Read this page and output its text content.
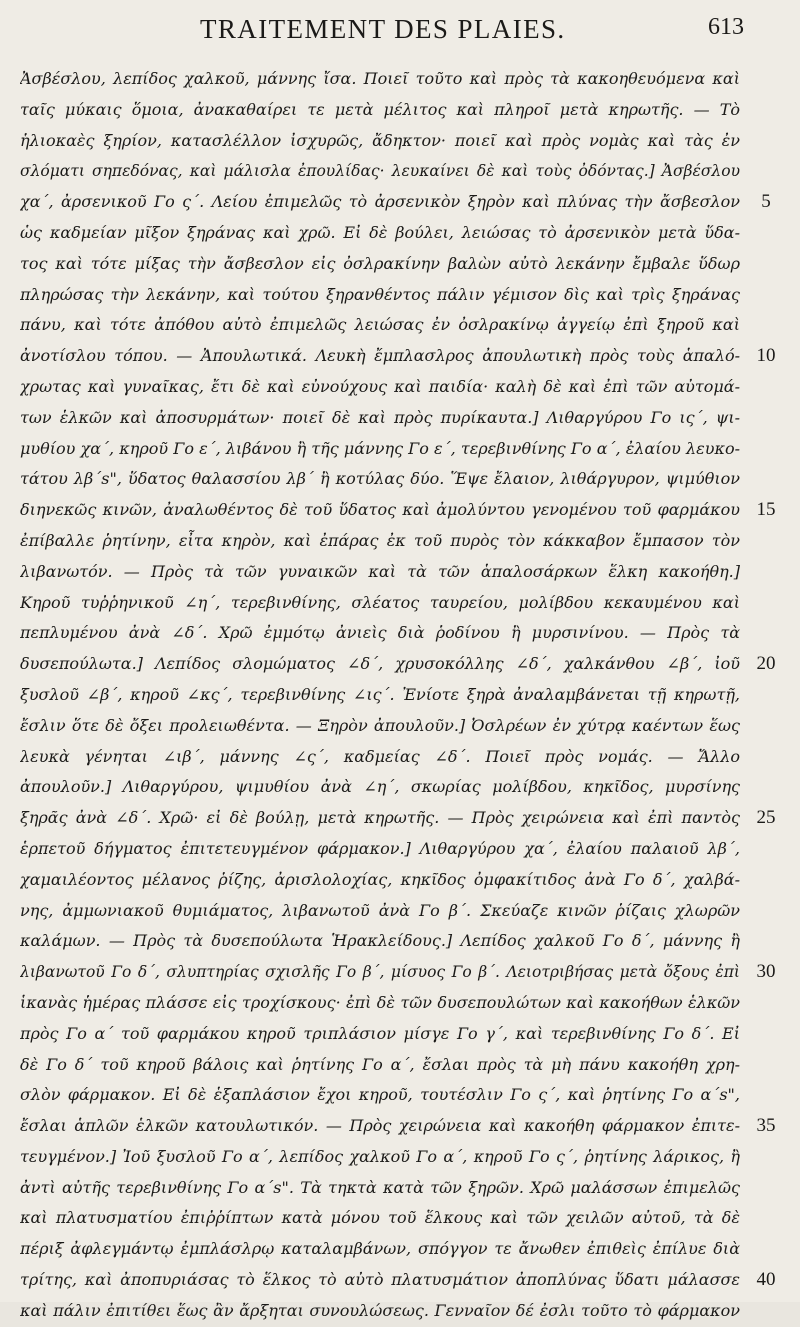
TRAITEMENT DES PLAIES.	613
Ἀσβέσλου, λεπίδος χαλκοῦ, μάννης ἴσα. Ποιεῖ τοῦτο καὶ πρὸς τὰ κακοηθευόμενα καὶ
ταῖς μύκαις ὅμοια, ἀνακαθαίρει τε μετὰ μέλιτος καὶ πληροῖ μετὰ κηρωτῆς. — Τὸ
ἡλιοκαὲς ξηρίον, κατασλέλλον ἰσχυρῶς, ἄδηκτον· ποιεῖ καὶ πρὸς νομὰς καὶ τὰς ἐν
σλόματι σηπεδόνας, καὶ μάλισλα ἐπουλίδας· λευκαίνει δὲ καὶ τοὺς ὀδόντας.] Ἀσβέσλου
χα΄, ἀρσενικοῦ Γο ς΄. Λείου ἐπιμελῶς τὸ ἀρσενικὸν ξηρὸν καὶ πλύνας τὴν ἄσβεσλον
ὡς καδμείαν μῖξον ξηράνας καὶ χρῶ. Εἰ δὲ βούλει, λειώσας τὸ ἀρσενικὸν μετὰ ὕδα-
τος καὶ τότε μίξας τὴν ἄσβεσλον εἰς ὀσλρακίνην βαλὼν αὐτὸ λεκάνην ἔμβαλε ὕδωρ
πληρώσας τὴν λεκάνην, καὶ τούτου ξηρανθέντος πάλιν γέμισον δὶς καὶ τρὶς ξηράνας
πάνυ, καὶ τότε ἀπόθου αὐτὸ ἐπιμελῶς λειώσας ἐν ὀσλρακίνῳ ἀγγείῳ ἐπὶ ξηροῦ καὶ
ἀνοτίσλου τόπου. — Ἀπουλωτικά. Λευκὴ ἔμπλασλρος ἀπουλωτικὴ πρὸς τοὺς ἁπαλό-
χρωτας καὶ γυναῖκας, ἔτι δὲ καὶ εὐνούχους καὶ παιδία· καλὴ δὲ καὶ ἐπὶ τῶν αὐτομά-
των ἑλκῶν καὶ ἀποσυρμάτων· ποιεῖ δὲ καὶ πρὸς πυρίκαυτα.] Λιθαργύρου Γο ις΄, ψι-
μυθίου χα΄, κηροῦ Γο ε΄, λιβάνου ἢ τῆς μάννης Γο ε΄, τερεβινθίνης Γο α΄, ἐλαίου λευκο-
τάτου λβ΄s", ὕδατος θαλασσίου λβ΄ ἢ κοτύλας δύο. Ἕψε ἔλαιον, λιθάργυρον, ψιμύθιον
διηνεκῶς κινῶν, ἀναλωθέντος δὲ τοῦ ὕδατος καὶ ἀμολύντου γενομένου τοῦ φαρμάκου
ἐπίβαλλε ῥητίνην, εἶτα κηρὸν, καὶ ἐπάρας ἐκ τοῦ πυρὸς τὸν κάκκαβον ἔμπασον τὸν
λιβανωτόν. — Πρὸς τὰ τῶν γυναικῶν καὶ τὰ τῶν ἁπαλοσάρκων ἕλκη κακοήθη.]
Κηροῦ τυῤῥηνικοῦ ∠η΄, τερεβινθίνης, σλέατος ταυρείου, μολίβδου κεκαυμένου καὶ
πεπλυμένου ἀνὰ ∠δ΄. Χρῶ ἐμμότῳ ἀνιεὶς διὰ ῥοδίνου ἢ μυρσινίνου. — Πρὸς τὰ
δυσεπούλωτα.] Λεπίδος σλομώματος ∠δ΄, χρυσοκόλλης ∠δ΄, χαλκάνθου ∠β΄, ἰοῦ
ξυσλοῦ ∠β΄, κηροῦ ∠κς΄, τερεβινθίνης ∠ις΄. Ἐνίοτε ξηρὰ ἀναλαμβάνεται τῇ κηρωτῇ,
ἔσλιν ὅτε δὲ ὄξει προλειωθέντα. — Ξηρὸν ἀπουλοῦν.] Ὀσλρέων ἐν χύτρᾳ καέντων ἕως
λευκὰ γένηται ∠ιβ΄, μάννης ∠ς΄, καδμείας ∠δ΄. Ποιεῖ πρὸς νομάς. — Ἄλλο
ἀπουλοῦν.] Λιθαργύρου, ψιμυθίου ἀνὰ ∠η΄, σκωρίας μολίβδου, κηκῖδος, μυρσίνης
ξηρᾶς ἀνὰ ∠δ΄. Χρῶ· εἰ δὲ βούλῃ, μετὰ κηρωτῆς. — Πρὸς χειρώνεια καὶ ἐπὶ παντὸς
ἑρπετοῦ δήγματος ἐπιτετευγμένον φάρμακον.] Λιθαργύρου χα΄, ἐλαίου παλαιοῦ λβ΄,
χαμαιλέοντος μέλανος ῥίζης, ἀρισλολοχίας, κηκῖδος ὀμφακίτιδος ἀνὰ Γο δ΄, χαλβά-
νης, ἀμμωνιακοῦ θυμιάματος, λιβανωτοῦ ἀνὰ Γο β΄. Σκεύαζε κινῶν ῥίζαις χλωρῶν
καλάμων. — Πρὸς τὰ δυσεπούλωτα Ἡρακλείδους.] Λεπίδος χαλκοῦ Γο δ΄, μάννης ἢ
λιβανωτοῦ Γο δ΄, σλυπτηρίας σχισλῆς Γο β΄, μίσυος Γο β΄. Λειοτριβήσας μετὰ ὄξους ἐπὶ
ἱκανὰς ἡμέρας πλάσσε εἰς τροχίσκους· ἐπὶ δὲ τῶν δυσεπουλώτων καὶ κακοήθων ἑλκῶν
πρὸς Γο α΄ τοῦ φαρμάκου κηροῦ τριπλάσιον μίσγε Γο γ΄, καὶ τερεβινθίνης Γο δ΄. Εἰ
δὲ Γο δ΄ τοῦ κηροῦ βάλοις καὶ ῥητίνης Γο α΄, ἔσλαι πρὸς τὰ μὴ πάνυ κακοήθη χρη-
σλὸν φάρμακον. Εἰ δὲ ἑξαπλάσιον ἔχοι κηροῦ, τουτέσλιν Γο ς΄, καὶ ῥητίνης Γο α΄s",
ἔσλαι ἁπλῶν ἑλκῶν κατουλωτικόν. — Πρὸς χειρώνεια καὶ κακοήθη φάρμακον ἐπιτε-
τευγμένον.] Ἰοῦ ξυσλοῦ Γο α΄, λεπίδος χαλκοῦ Γο α΄, κηροῦ Γο ς΄, ῥητίνης λάρικος, ἢ
ἀντὶ αὐτῆς τερεβινθίνης Γο α΄s". Τὰ τηκτὰ κατὰ τῶν ξηρῶν. Χρῶ μαλάσσων ἐπιμελῶς
καὶ πλατυσματίου ἐπιῤῥίπτων κατὰ μόνου τοῦ ἕλκους καὶ τῶν χειλῶν αὐτοῦ, τὰ δὲ
πέριξ ἀφλεγμάντῳ ἐμπλάσλρῳ καταλαμβάνων, σπόγγον τε ἄνωθεν ἐπιθεὶς ἐπίλυε διὰ
τρίτης, καὶ ἀποπυριάσας τὸ ἕλκος τὸ αὐτὸ πλατυσμάτιον ἀποπλύνας ὕδατι μάλασσε
καὶ πάλιν ἐπιτίθει ἕως ἂν ἄρξηται συνουλώσεως. Γενναῖον δέ ἐσλι τοῦτο τὸ φάρμακον
5
10
15
20
25
30
35
40
